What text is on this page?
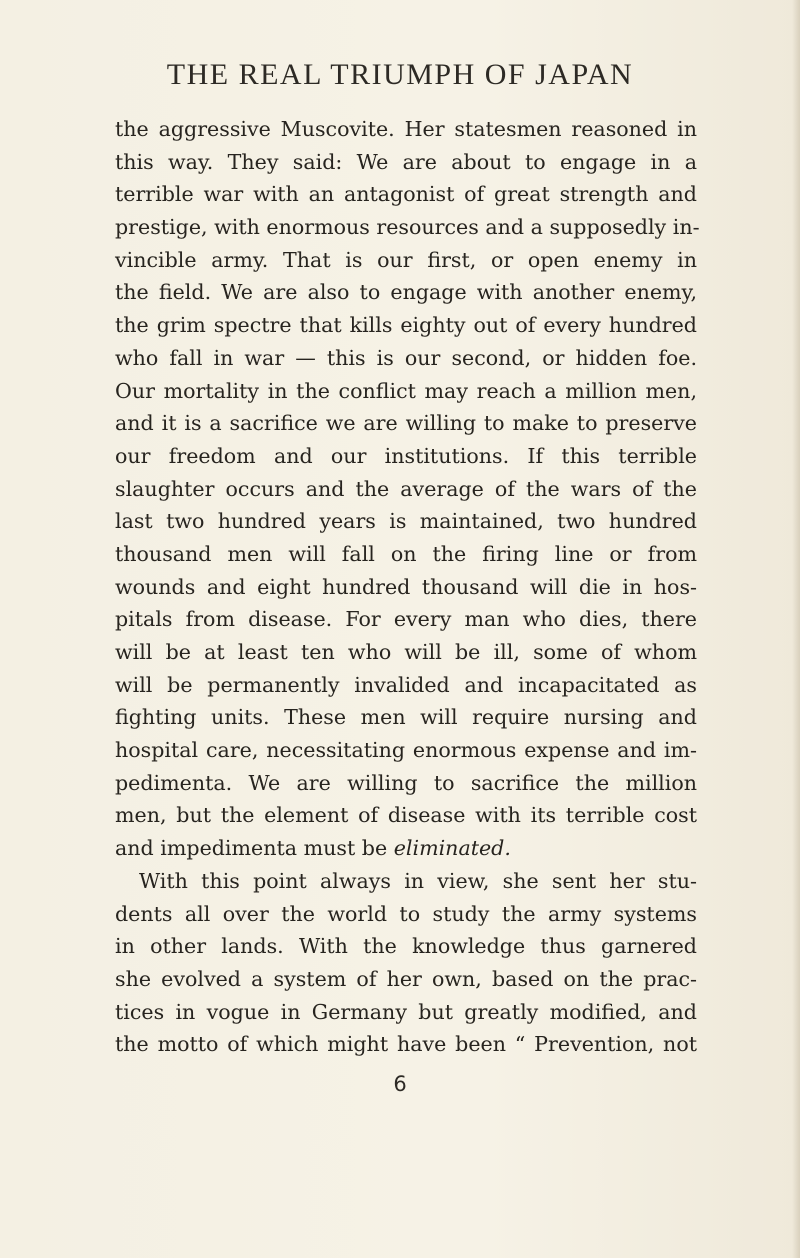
THE REAL TRIUMPH OF JAPAN
the aggressive Muscovite. Her statesmen reasoned in
this way. They said: We are about to engage in a
terrible war with an antagonist of great strength and
prestige, with enormous resources and a supposedly in-
vincible army. That is our first, or open enemy in
the field. We are also to engage with another enemy,
the grim spectre that kills eighty out of every hundred
who fall in war — this is our second, or hidden foe.
Our mortality in the conflict may reach a million men,
and it is a sacrifice we are willing to make to preserve
our freedom and our institutions. If this terrible
slaughter occurs and the average of the wars of the
last two hundred years is maintained, two hundred
thousand men will fall on the firing line or from
wounds and eight hundred thousand will die in hos-
pitals from disease. For every man who dies, there
will be at least ten who will be ill, some of whom
will be permanently invalided and incapacitated as
fighting units. These men will require nursing and
hospital care, necessitating enormous expense and im-
pedimenta. We are willing to sacrifice the million
men, but the element of disease with its terrible cost
and impedimenta must be eliminated.
With this point always in view, she sent her stu-
dents all over the world to study the army systems
in other lands. With the knowledge thus garnered
she evolved a system of her own, based on the prac-
tices in vogue in Germany but greatly modified, and
the motto of which might have been “ Prevention, not
6
